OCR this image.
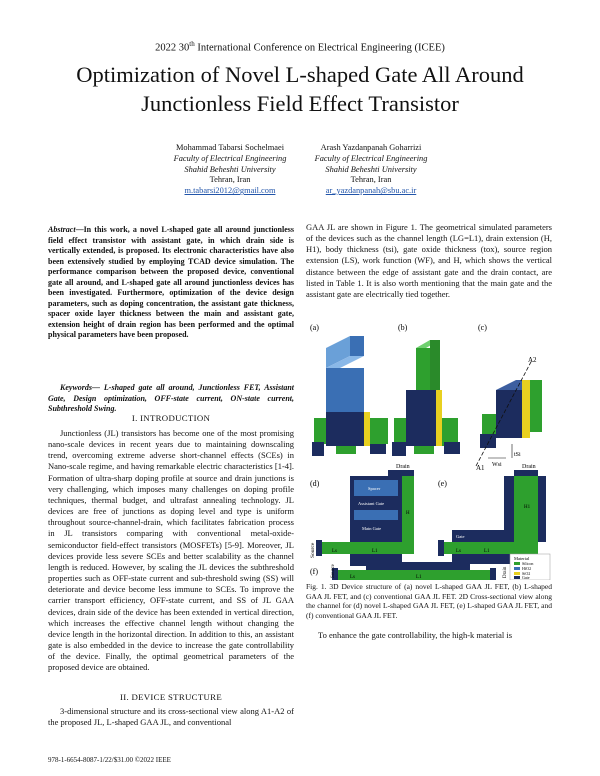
2022 30th International Conference on Electrical Engineering (ICEE)
Optimization of Novel L-shaped Gate All Around
Junctionless Field Effect Transistor
Mohammad Tabarsi Sochelmaei
Faculty of Electrical Engineering
Shahid Beheshti University
Tehran, Iran
m.tabarsi2012@gmail.com
Arash Yazdanpanah Goharrizi
Faculty of Electrical Engineering
Shahid Beheshti University
Tehran, Iran
ar_yazdanpanah@sbu.ac.ir
Abstract—In this work, a novel L-shaped gate all around junctionless field effect transistor with assistant gate, in which drain side is vertically extended, is proposed. Its electronic characteristics have also been extensively studied by employing TCAD device simulation. The performance comparison between the proposed device, conventional gate all around, and L-shaped gate all around junctionless devices has been investigated. Furthermore, optimization of the device design parameters, such as doping concentration, the assistant gate thickness, spacer oxide layer thickness between the main and assistant gate, extension height of drain region has been performed and the optimal physical parameters have been proposed.
Keywords— L-shaped gate all around, Junctionless FET, Assistant Gate, Design optimization, OFF-state current, ON-state current, Subthreshold Swing.
I. INTRODUCTION

Junctionless (JL) transistors has become one of the most promising nano-scale devices in recent years due to maintaining downscaling trend, overcoming extreme adverse short-channel effects (SCEs) in Nano-scale regime, and having remarkable electric characteristics [1-4]. Formation of ultra-sharp doping profile at source and drain junctions is very challenging, which imposes many challenges on doping profile techniques, thermal budget, and ultrafast annealing technology. JL devices are free of junctions as doping level and type is uniform throughout source-channel-drain, which facilitates fabrication process in JL transistors comparing with conventional metal-oxide-semiconductor field-effect transistors (MOSFETs) [5-9]. Moreover, JL devices provide less severe SCEs and better scalability as the channel length is reduced. However, by scaling the JL devices the subthreshold properties such as OFF-state current and sub-threshold swing (SS) will deteriorate and device become less immune to SCEs. To improve the carrier transport efficiency, OFF-state current, and SS of JL GAA devices, drain side of the device has been extended in vertical direction, which increases the effective channel length without changing the device length in the horizontal direction. In addition to this, an assistant gate is also embedded in the device to increase the gate controllability of the device. Finally, the optimal geometrical parameters of the proposed device are obtained.

II. DEVICE STRUCTURE

3-dimensional structure and its cross-sectional view along A1-A2 of the proposed JL, L-shaped GAA JL, and conventional

GAA JL are shown in Figure 1. The geometrical simulated parameters of the devices such as the channel length (LG=L1), drain extension (H, H1), body thickness (tsi), gate oxide thickness (tox), source region extension (LS), work function (WF), and H, which shows the vertical distance between the edge of assistant gate and the drain contact, are listed in Table 1. It is also worth mentioning that the main gate and the assistant gate are electrically tied together.

(a)	(b)	(c)
A2
A1 Wsi
tSi
(d)	(e)
Drain
Spacer
Assistant Gate
Main Gate
Source	Ls	L1
H
Drain
Gate
Ls	L1
H1
(f)	Source	Drain
Ls	L1
Material
Silicon
HfO2
SiO2
Gate
Fig. 1. 3D Device structure of (a) novel L-shaped GAA JL FET, (b) L-shaped GAA JL FET, and (c) conventional GAA JL FET. 2D Cross-sectional view along the channel for (d) novel L-shaped GAA JL FET, (e) L-shaped GAA JL FET, and (f) conventional GAA JL FET.

To enhance the gate controllability, the high-k material is

978-1-6654-8087-1/22/$31.00 ©2022 IEEE
